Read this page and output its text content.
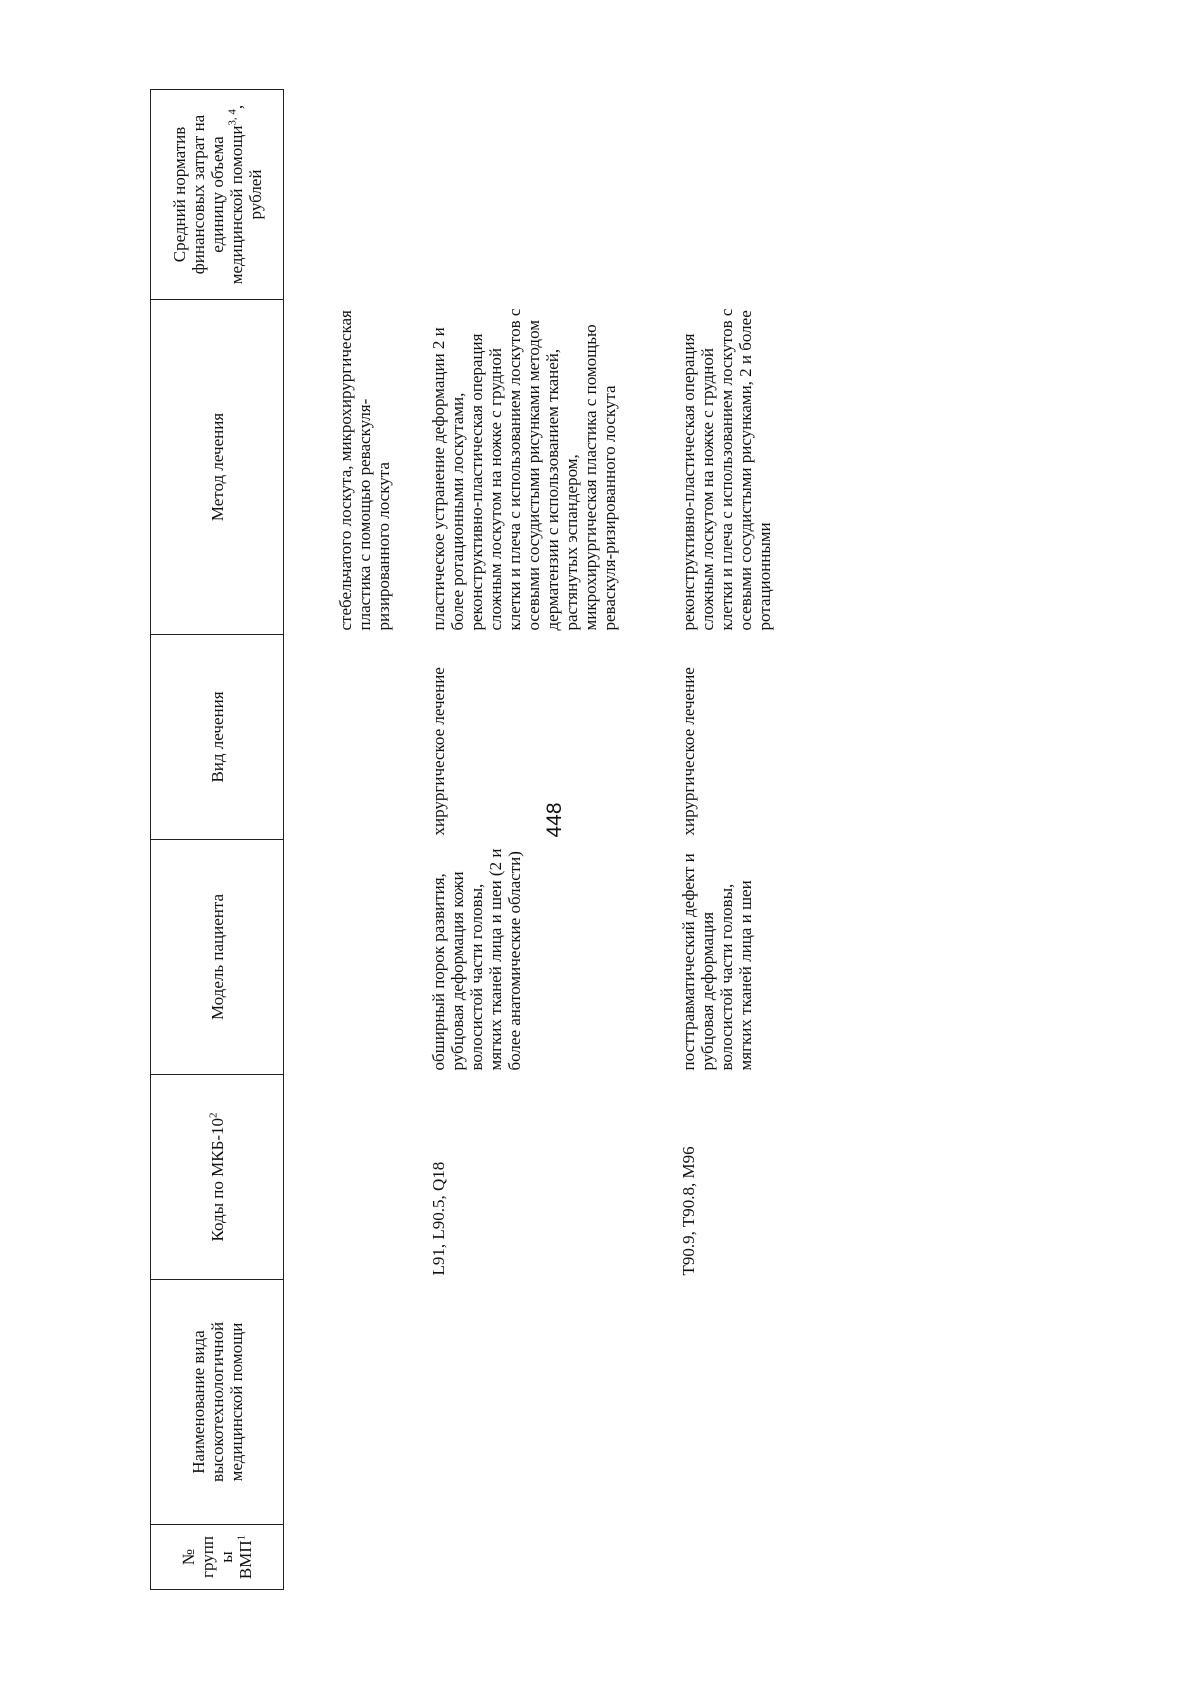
448
№ групп ы ВМП$^1$	Наименование вида высокотехнологичной медицинской помощи	Коды по МКБ-$10^2$	Модель пациента	Вид лечения	Метод лечения	Средний норматив финансовых затрат на единицу объема медицинской помощи$^{3, 4}$, рублей

					стебельчатого лоскута, микрохирургическая пластика с помощью реваскуля-ризированного лоскута	

		L91, L90.5, Q18	обширный порок развития, рубцовая деформация кожи волосистой части головы, мягких тканей лица и шеи (2 и более анатомические области)	хирургическое лечение	пластическое устранение деформации 2 и более ротационными лоскутами, реконструктивно-пластическая операция сложным лоскутом на ножке с грудной клетки и плеча с использованием лоскутов с осевыми сосудистыми рисунками методом дерматензии с использованием тканей, растянутых эспандером, микрохирургическая пластика с помощью реваскуля-ризированного лоскута	

		T90.9, T90.8, M96	посттравматический дефект и рубцовая деформация волосистой части головы, мягких тканей лица и шеи	хирургическое лечение	реконструктивно-пластическая операция сложным лоскутом на ножке с грудной клетки и плеча с использованием лоскутов с осевыми сосудистыми рисунками, 2 и более ротационными	
